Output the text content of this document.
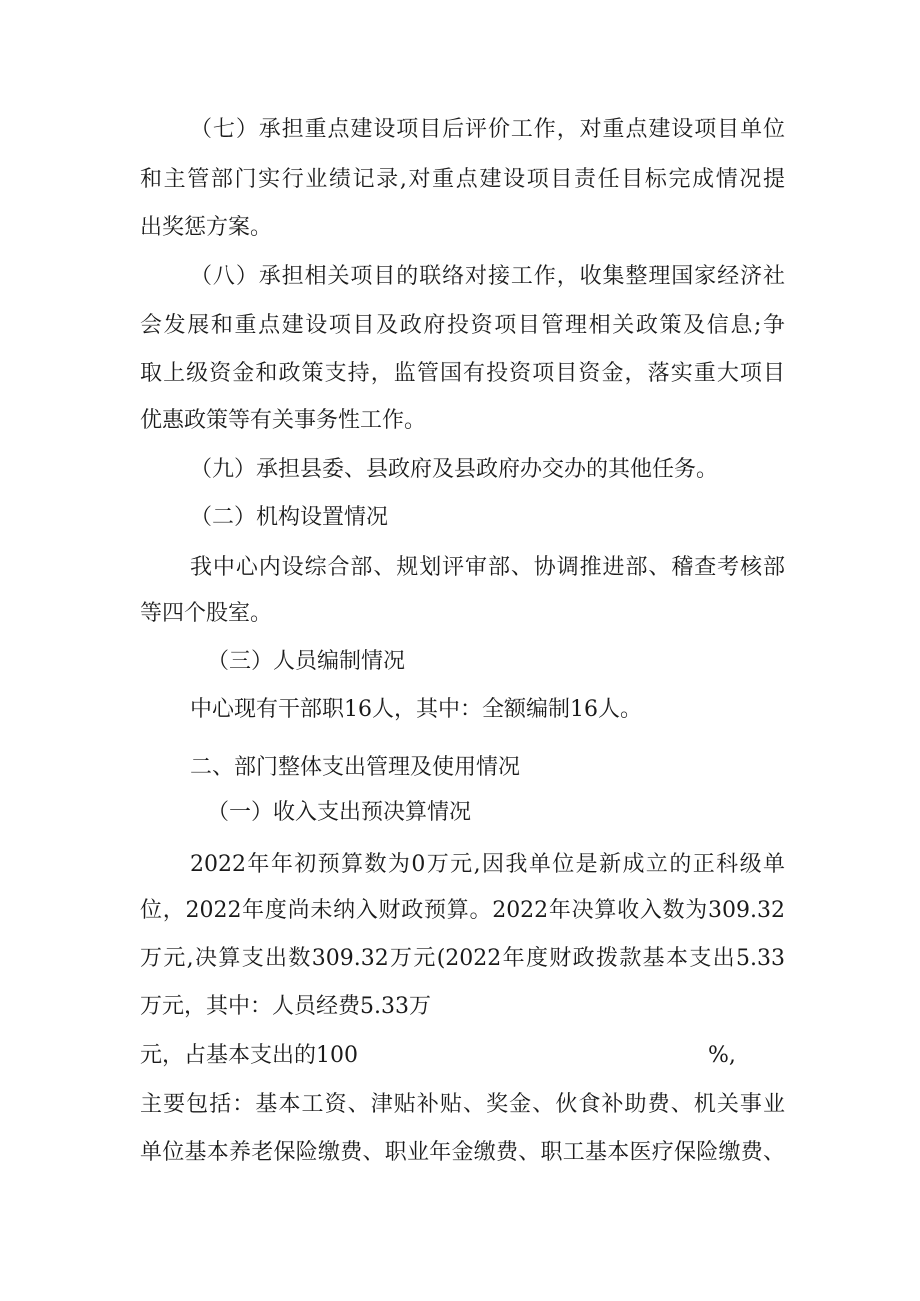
（七）承担重点建设项目后评价工作，对重点建设项目单位
和主管部门实行业绩记录,对重点建设项目责任目标完成情况提
出奖惩方案。
（八）承担相关项目的联络对接工作，收集整理国家经济社
会发展和重点建设项目及政府投资项目管理相关政策及信息;争
取上级资金和政策支持，监管国有投资项目资金，落实重大项目
优惠政策等有关事务性工作。
（九）承担县委、县政府及县政府办交办的其他任务。
（二）机构设置情况
我中心内设综合部、规划评审部、协调推进部、稽查考核部
等四个股室。
（三）人员编制情况
中心现有干部职16人，其中：全额编制16人。
二、部门整体支出管理及使用情况
（一）收入支出预决算情况
2022年年初预算数为0万元,因我单位是新成立的正科级单
位，2022年度尚未纳入财政预算。2022年决算收入数为309.32
万元,决算支出数309.32万元(2022年度财政拨款基本支出5.33
万元，其中：人员经费5.33万
元，占基本支出的100	%,
主要包括：基本工资、津贴补贴、奖金、伙食补助费、机关事业
单位基本养老保险缴费、职业年金缴费、职工基本医疗保险缴费、
